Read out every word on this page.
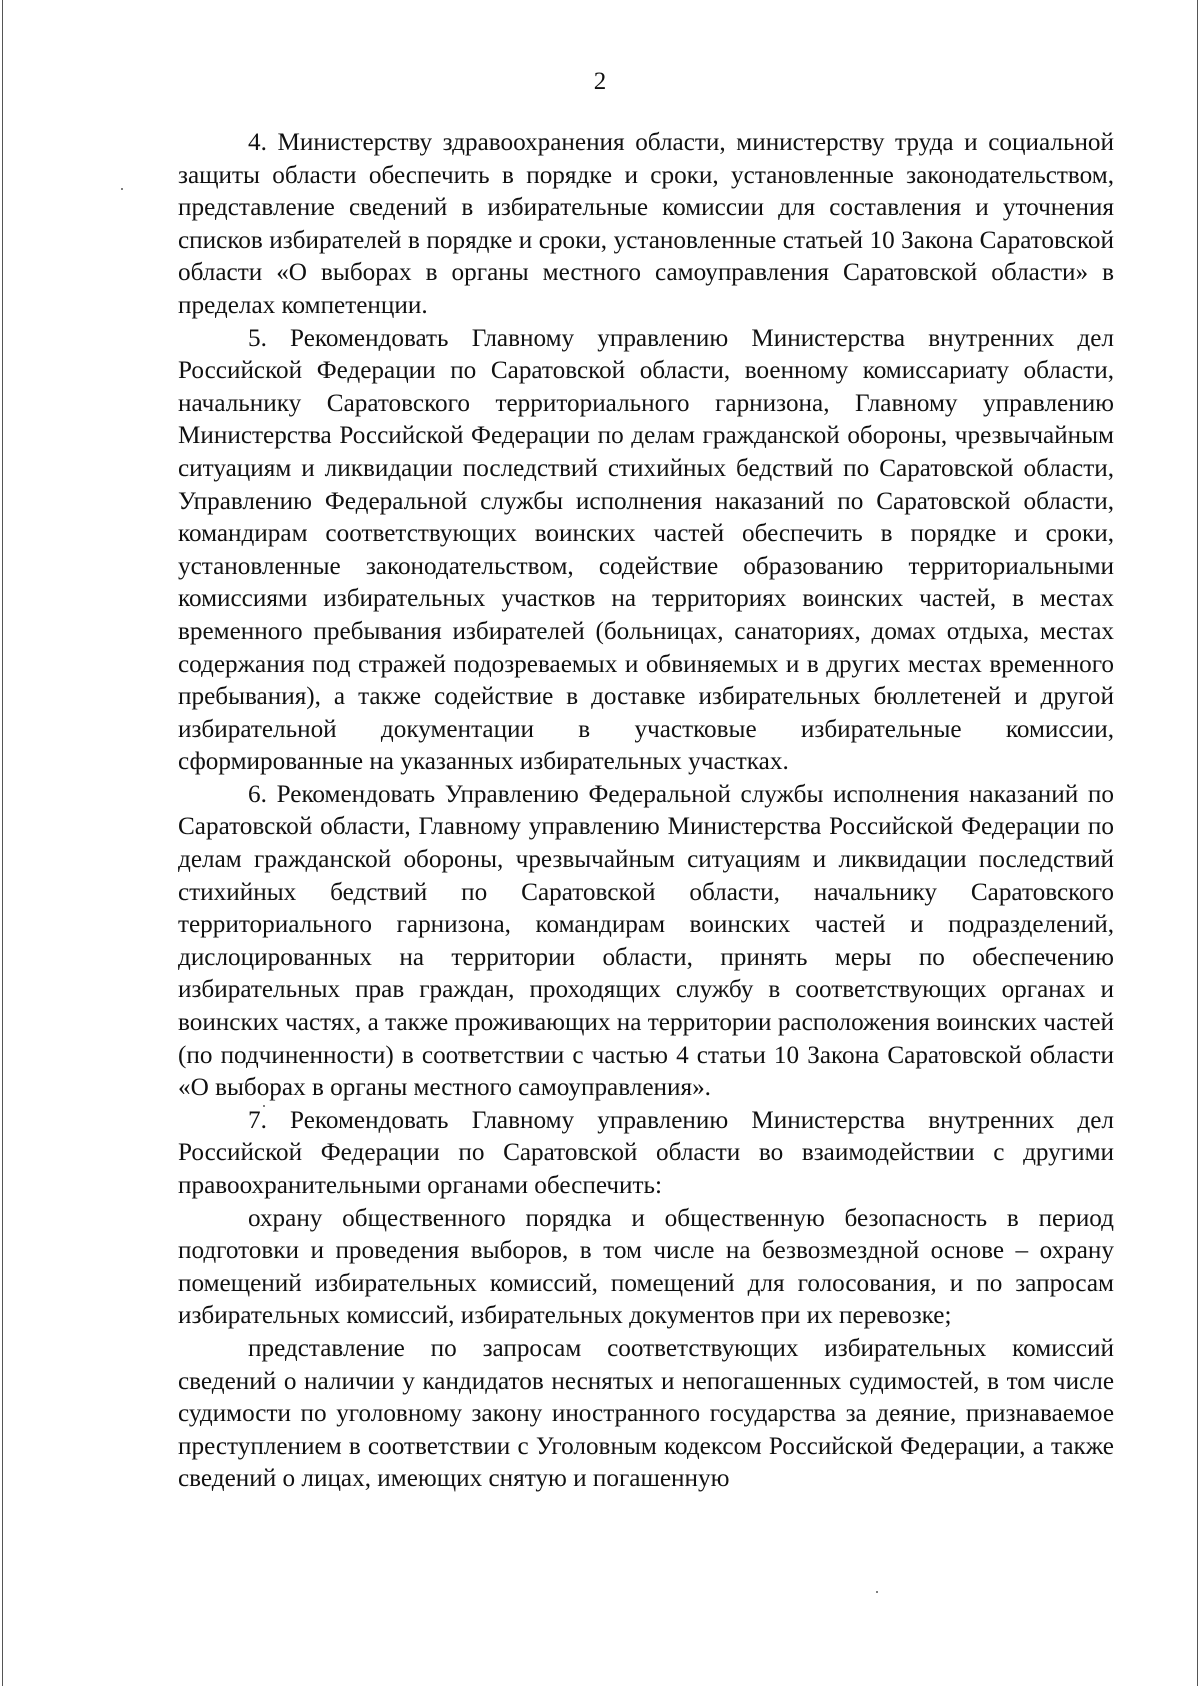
2

4. Министерству здравоохранения области, министерству труда и социальной защиты области обеспечить в порядке и сроки, установленные законодательством, представление сведений в избирательные комиссии для составления и уточнения списков избирателей в порядке и сроки, установленные статьей 10 Закона Саратовской области «О выборах в органы местного самоуправления Саратовской области» в пределах компетенции.

5. Рекомендовать Главному управлению Министерства внутренних дел Российской Федерации по Саратовской области, военному комиссариату области, начальнику Саратовского территориального гарнизона, Главному управлению Министерства Российской Федерации по делам гражданской обороны, чрезвычайным ситуациям и ликвидации последствий стихийных бедствий по Саратовской области, Управлению Федеральной службы исполнения наказаний по Саратовской области, командирам соответствующих воинских частей обеспечить в порядке и сроки, установленные законодательством, содействие образованию территориальными комиссиями избирательных участков на территориях воинских частей, в местах временного пребывания избирателей (больницах, санаториях, домах отдыха, местах содержания под стражей подозреваемых и обвиняемых и в других местах временного пребывания), а также содействие в доставке избирательных бюллетеней и другой избирательной документации в участковые избирательные комиссии, сформированные на указанных избирательных участках.

6. Рекомендовать Управлению Федеральной службы исполнения наказаний по Саратовской области, Главному управлению Министерства Российской Федерации по делам гражданской обороны, чрезвычайным ситуациям и ликвидации последствий стихийных бедствий по Саратовской области, начальнику Саратовского территориального гарнизона, командирам воинских частей и подразделений, дислоцированных на территории области, принять меры по обеспечению избирательных прав граждан, проходящих службу в соответствующих органах и воинских частях, а также проживающих на территории расположения воинских частей (по подчиненности) в соответствии с частью 4 статьи 10 Закона Саратовской области «О выборах в органы местного самоуправления».

7. Рекомендовать Главному управлению Министерства внутренних дел Российской Федерации по Саратовской области во взаимодействии с другими правоохранительными органами обеспечить:

охрану общественного порядка и общественную безопасность в период подготовки и проведения выборов, в том числе на безвозмездной основе – охрану помещений избирательных комиссий, помещений для голосования, и по запросам избирательных комиссий, избирательных документов при их перевозке;

представление по запросам соответствующих избирательных комиссий сведений о наличии у кандидатов неснятых и непогашенных судимостей, в том числе судимости по уголовному закону иностранного государства за деяние, признаваемое преступлением в соответствии с Уголовным кодексом Российской Федерации, а также сведений о лицах, имеющих снятую и погашенную
